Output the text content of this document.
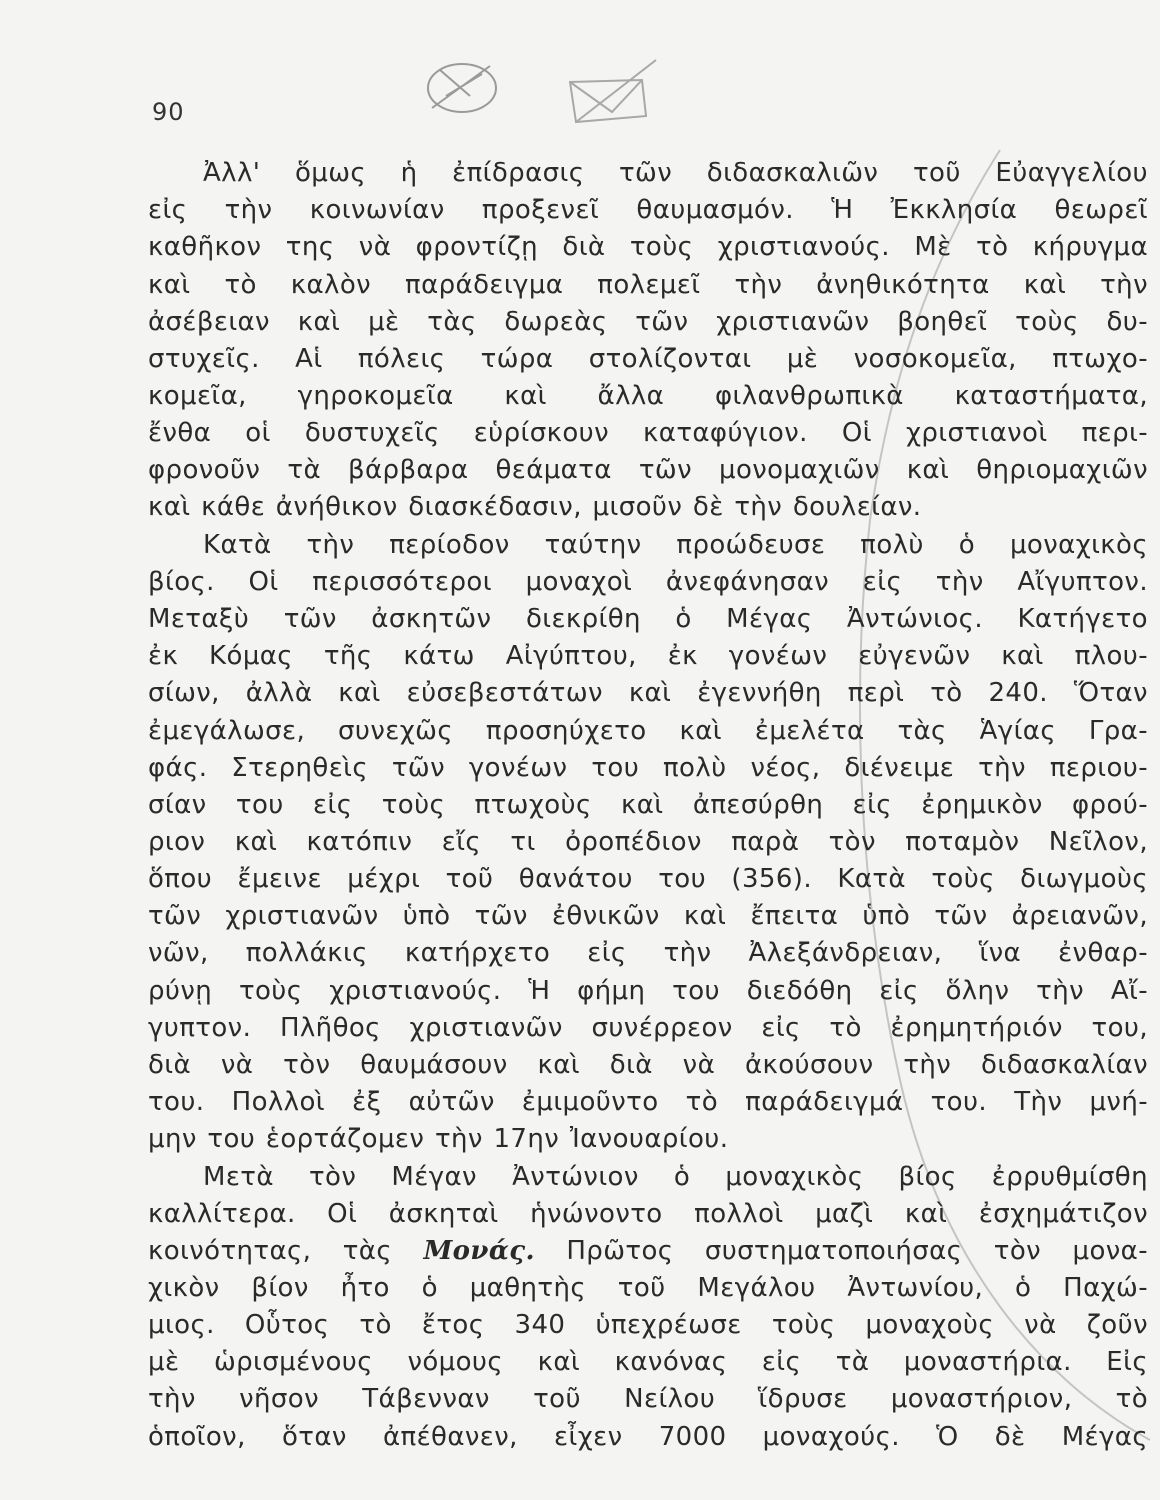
90
Ἀλλ' ὅμως ἡ ἐπίδρασις τῶν διδασκαλιῶν τοῦ Εὐαγγελίου
εἰς τὴν κοινωνίαν προξενεῖ θαυμασμόν. Ἡ Ἐκκλησία θεωρεῖ
καθῆκον της νὰ φροντίζῃ διὰ τοὺς χριστιανούς. Μὲ τὸ κήρυγμα
καὶ τὸ καλὸν παράδειγμα πολεμεῖ τὴν ἀνηθικότητα καὶ τὴν
ἀσέβειαν καὶ μὲ τὰς δωρεὰς τῶν χριστιανῶν βοηθεῖ τοὺς δυ-
στυχεῖς. Αἱ πόλεις τώρα στολίζονται μὲ νοσοκομεῖα, πτωχο-
κομεῖα, γηροκομεῖα καὶ ἄλλα φιλανθρωπικὰ καταστήματα,
ἔνθα οἱ δυστυχεῖς εὑρίσκουν καταφύγιον. Οἱ χριστιανοὶ περι-
φρονοῦν τὰ βάρβαρα θεάματα τῶν μονομαχιῶν καὶ θηριομαχιῶν
καὶ κάθε ἀνήθικον διασκέδασιν, μισοῦν δὲ τὴν δουλείαν.
Κατὰ τὴν περίοδον ταύτην προώδευσε πολὺ ὁ μοναχικὸς
βίος. Οἱ περισσότεροι μοναχοὶ ἀνεφάνησαν εἰς τὴν Αἴγυπτον.
Μεταξὺ τῶν ἀσκητῶν διεκρίθη ὁ Μέγας Ἀντώνιος. Κατήγετο
ἐκ Κόμας τῆς κάτω Αἰγύπτου, ἐκ γονέων εὐγενῶν καὶ πλου-
σίων, ἀλλὰ καὶ εὐσεβεστάτων καὶ ἐγεννήθη περὶ τὸ 240. Ὅταν
ἐμεγάλωσε, συνεχῶς προσηύχετο καὶ ἐμελέτα τὰς Ἁγίας Γρα-
φάς. Στερηθεὶς τῶν γονέων του πολὺ νέος, διένειμε τὴν περιου-
σίαν του εἰς τοὺς πτωχοὺς καὶ ἀπεσύρθη εἰς ἐρημικὸν φρού-
ριον καὶ κατόπιν εἴς τι ὀροπέδιον παρὰ τὸν ποταμὸν Νεῖλον,
ὅπου ἔμεινε μέχρι τοῦ θανάτου του (356). Κατὰ τοὺς διωγμοὺς
τῶν χριστιανῶν ὑπὸ τῶν ἐθνικῶν καὶ ἔπειτα ὑπὸ τῶν ἀρειανῶν,
νῶν, πολλάκις κατήρχετο εἰς τὴν Ἀλεξάνδρειαν, ἵνα ἐνθαρ-
ρύνῃ τοὺς χριστιανούς. Ἡ φήμη του διεδόθη εἰς ὅλην τὴν Αἴ-
γυπτον. Πλῆθος χριστιανῶν συνέρρεον εἰς τὸ ἐρημητήριόν του,
διὰ νὰ τὸν θαυμάσουν καὶ διὰ νὰ ἀκούσουν τὴν διδασκαλίαν
του. Πολλοὶ ἐξ αὐτῶν ἐμιμοῦντο τὸ παράδειγμά του. Τὴν μνή-
μην του ἑορτάζομεν τὴν 17ην Ἰανουαρίου.
Μετὰ τὸν Μέγαν Ἀντώνιον ὁ μοναχικὸς βίος ἐρρυθμίσθη
καλλίτερα. Οἱ ἀσκηταὶ ἡνώνοντο πολλοὶ μαζὶ καὶ ἐσχημάτιζον
κοινότητας, τὰς Μονάς. Πρῶτος συστηματοποιήσας τὸν μονα-
χικὸν βίον ἦτο ὁ μαθητὴς τοῦ Μεγάλου Ἀντωνίου, ὁ Παχώ-
μιος. Οὗτος τὸ ἔτος 340 ὑπεχρέωσε τοὺς μοναχοὺς νὰ ζοῦν
μὲ ὡρισμένους νόμους καὶ κανόνας εἰς τὰ μοναστήρια. Εἰς
τὴν νῆσον Τάβενναν τοῦ Νείλου ἵδρυσε μοναστήριον, τὸ
ὁποῖον, ὅταν ἀπέθανεν, εἶχεν 7000 μοναχούς. Ὁ δὲ Μέγας
